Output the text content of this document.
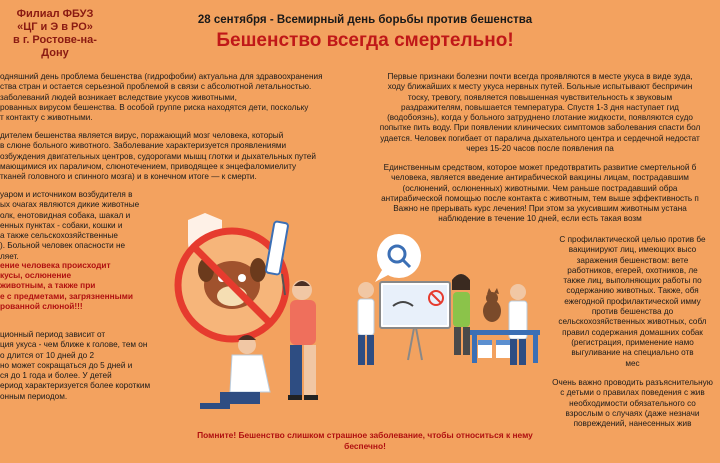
Филиал ФБУЗ
«ЦГ и Э в РО»
в г. Ростове-на-Дону
28 сентября - Всемирный день борьбы против бешенства
Бешенство всегда смертельно!
одняшний день проблема бешенства (гидрофобии) актуальна для здравоохранения
ства стран и остается серьезной проблемой в связи с абсолютной летальностью.
заболеваний людей возникает вследствие укусов животными,
рованных вирусом бешенства. В особой группе риска находятся дети, поскольку
т контакту с животными.
дителем бешенства является вирус, поражающий мозг человека, который
в слюне больного животного. Заболевание характеризуется проявлениями
озбуждения двигательных центров, судорогами мышц глотки и дыхательных путей
мающимися их параличом, слюнотечением, приводящее к энцефаломиелиту
тканей головного и спинного мозга) и в конечном итоге — к смерти.
уаром и источником возбудителя в
ых очагах являются дикие животные
олк, енотовидная собака, шакал и
енных пунктах - собаки, кошки и
а также сельскохозяйственные
). Больной человек опасности не
ляет.
ение человека происходит
кусы, ослюнение
животным, а также при
е с предметами, загрязненными
рованной слюной!!!
ционный период зависит от
ция укуса - чем ближе к голове, тем он
о длится от 10 дней до 2
но может сокращаться до 5 дней и
ся до 1 года и более. У детей
ериод характеризуется более коротким
онным периодом.
Первые признаки болезни почти всегда проявляются в месте укуса в виде зуда,
ходу ближайших к месту укуса нервных путей. Больные испытывают беспричин
тоску, тревогу, появляется повышенная чувствительность к звуковым
раздражителям, повышается температура. Спустя 1-3 дня наступает гид
(водобоязнь), когда у больного затруднено глотание жидкости, появляются судо
попытке пить воду. При появлении клинических симптомов заболевания спасти бол
удается. Человек погибает от паралича дыхательного центра и сердечной недостат
через 15-20 часов после появления па
Единственным средством, которое может предотвратить развитие смертельной б
человека, является введение антирабической вакцины лицам, пострадавшим
(ослюнений, ослюненных) животными. Чем раньше пострадавший обра
антирабической помощью после контакта с животным, тем выше эффективность п
Важно не прерывать курс лечения! При этом за укусившим животным устана
наблюдение в течение 10 дней, если есть такая возм
С профилактической целью против бе
вакцинируют лиц, имеющих высо
заражения бешенством: вете
работников, егерей, охотников, ле
также лиц, выполняющих работы по
содержанию животных. Также, обя
ежегодной профилактической имму
против бешенства до
сельскохозяйственных животных, собл
правил содержания домашних собак
(регистрация, применение намо
выгуливание на специально отв
мес
Очень важно проводить разъяснительную
с детьми о правилах поведения с жив
необходимости обязательного со
взрослым о случаях (даже незначи
повреждений, нанесенных жив
Помните! Бешенство слишком страшное заболевание, чтобы относиться к нему
беспечно!
